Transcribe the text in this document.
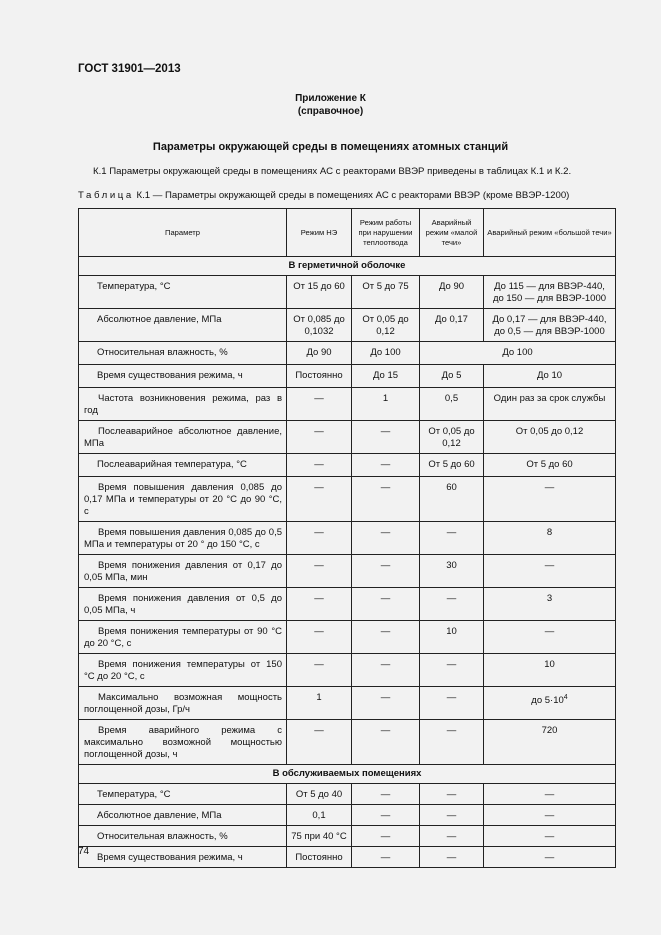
ГОСТ 31901—2013
Приложение К
(справочное)
Параметры окружающей среды в помещениях атомных станций
К.1 Параметры окружающей среды в помещениях АС с реакторами ВВЭР приведены в таблицах К.1 и К.2.
Таблица К.1 — Параметры окружающей среды в помещениях АС с реакторами ВВЭР (кроме ВВЭР-1200)
Параметр	Режим НЭ	Режим работы при нарушении теплоотвода	Аварийный режим «малой течи»	Аварийный режим «большой течи»
В герметичной оболочке				
Температура, °С	От 15 до 60	От 5 до 75	До 90	До 115 — для ВВЭР-440, до 150 — для ВВЭР-1000
Абсолютное давление, МПа	От 0,085 до 0,1032	От 0,05 до 0,12	До 0,17	До 0,17 — для ВВЭР-440, до 0,5 — для ВВЭР-1000
Относительная влажность, %	До 90	До 100	До 100	
Время существования режима, ч	Постоянно	До 15	До 5	До 10
Частота возникновения режима, раз в год	—	1	0,5	Один раз за срок службы
Послеаварийное абсолютное давление, МПа	—	—	От 0,05 до 0,12	От 0,05 до 0,12
Послеаварийная температура, °С	—	—	От 5 до 60	От 5 до 60
Время повышения давления 0,085 до 0,17 МПа и температуры от 20 °С до 90 °С, с	—	—	60	—
Время повышения давления 0,085 до 0,5 МПа и температуры от 20 ° до 150 °С, с	—	—	—	8
Время понижения давления от 0,17 до 0,05 МПа, мин	—	—	30	—
Время понижения давления от 0,5 до 0,05 МПа, ч	—	—	—	3
Время понижения температуры от 90 °С до 20 °С, с	—	—	10	—
Время понижения температуры от 150 °С до 20 °С, с	—	—	—	10
Максимально возможная мощность поглощенной дозы, Гр/ч	1	—	—	до $5\cdot 10^4$
Время аварийного режима с максимально возможной мощностью поглощенной дозы, ч	—	—	—	720
В обслуживаемых помещениях				
Температура, °С	От 5 до 40	—	—	—
Абсолютное давление, МПа	0,1	—	—	—
Относительная влажность, %	75 при 40 °С	—	—	—
Время существования режима, ч	Постоянно	—	—	—
74
